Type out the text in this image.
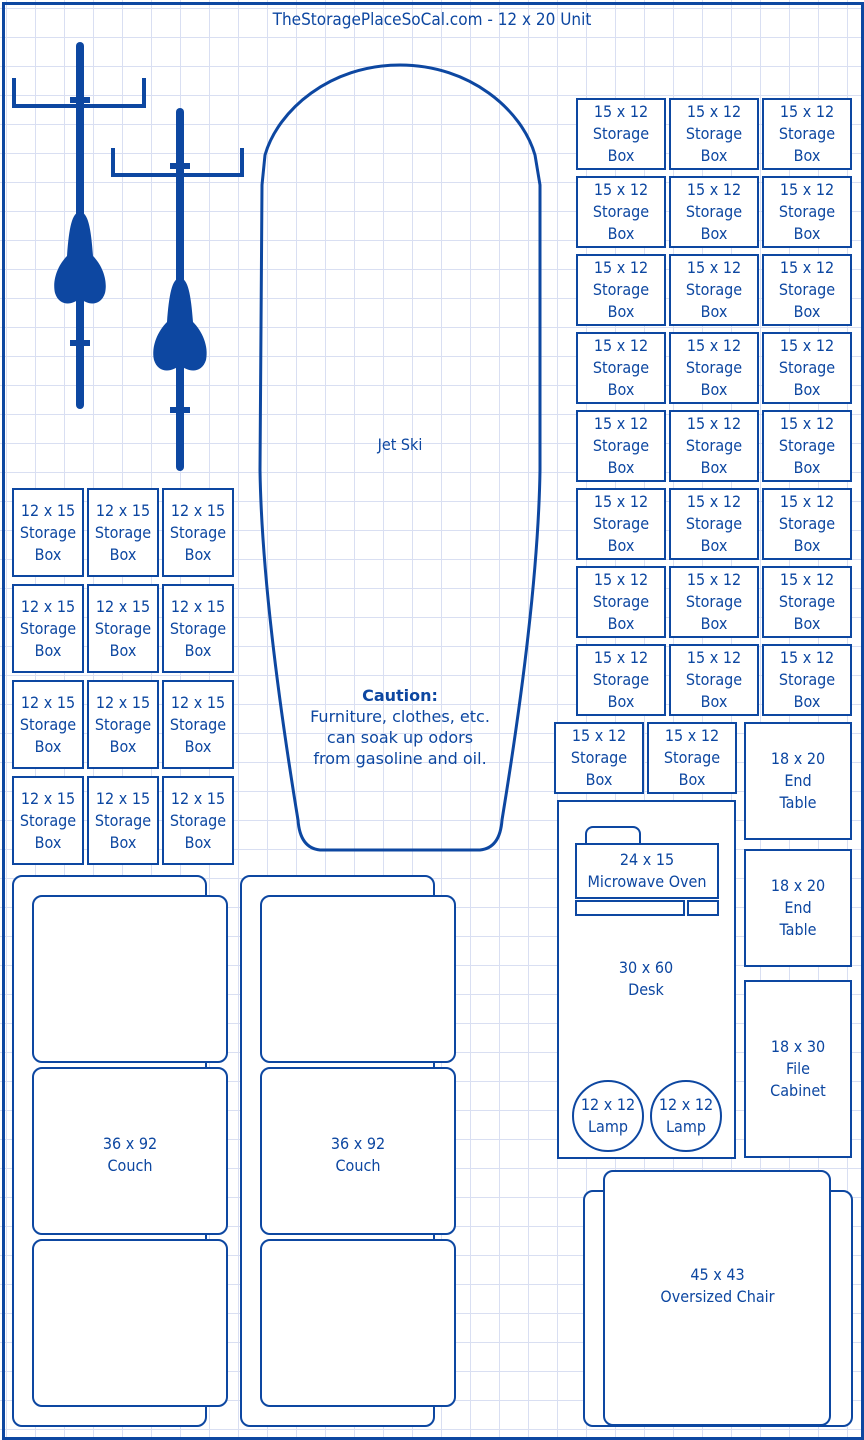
TheStoragePlaceSoCal.com - 12 x 20 Unit
Jet Ski
Caution:
Furniture, clothes, etc. can soak up odors from gasoline and oil.
12 x 15
Storage
Box
12 x 15
Storage
Box
12 x 15
Storage
Box
12 x 15
Storage
Box
12 x 15
Storage
Box
12 x 15
Storage
Box
12 x 15
Storage
Box
12 x 15
Storage
Box
12 x 15
Storage
Box
12 x 15
Storage
Box
12 x 15
Storage
Box
12 x 15
Storage
Box
15 x 12
Storage Box
15 x 12
Storage Box
15 x 12
Storage Box
15 x 12
Storage Box
15 x 12
Storage Box
15 x 12
Storage Box
15 x 12
Storage Box
15 x 12
Storage Box
15 x 12
Storage Box
15 x 12
Storage Box
15 x 12
Storage Box
15 x 12
Storage Box
15 x 12
Storage Box
15 x 12
Storage Box
15 x 12
Storage Box
15 x 12
Storage Box
15 x 12
Storage Box
15 x 12
Storage Box
15 x 12
Storage Box
15 x 12
Storage Box
15 x 12
Storage Box
15 x 12
Storage Box
15 x 12
Storage Box
15 x 12
Storage Box
15 x 12
Storage Box
15 x 12
Storage Box
18 x 20
End
Table
18 x 20
End
Table
18 x 30
File
Cabinet
30 x 60
Desk
24 x 15
Microwave Oven
12 x 12
Lamp
12 x 12
Lamp
36 x 92
Couch
36 x 92
Couch
45 x 43
Oversized Chair
